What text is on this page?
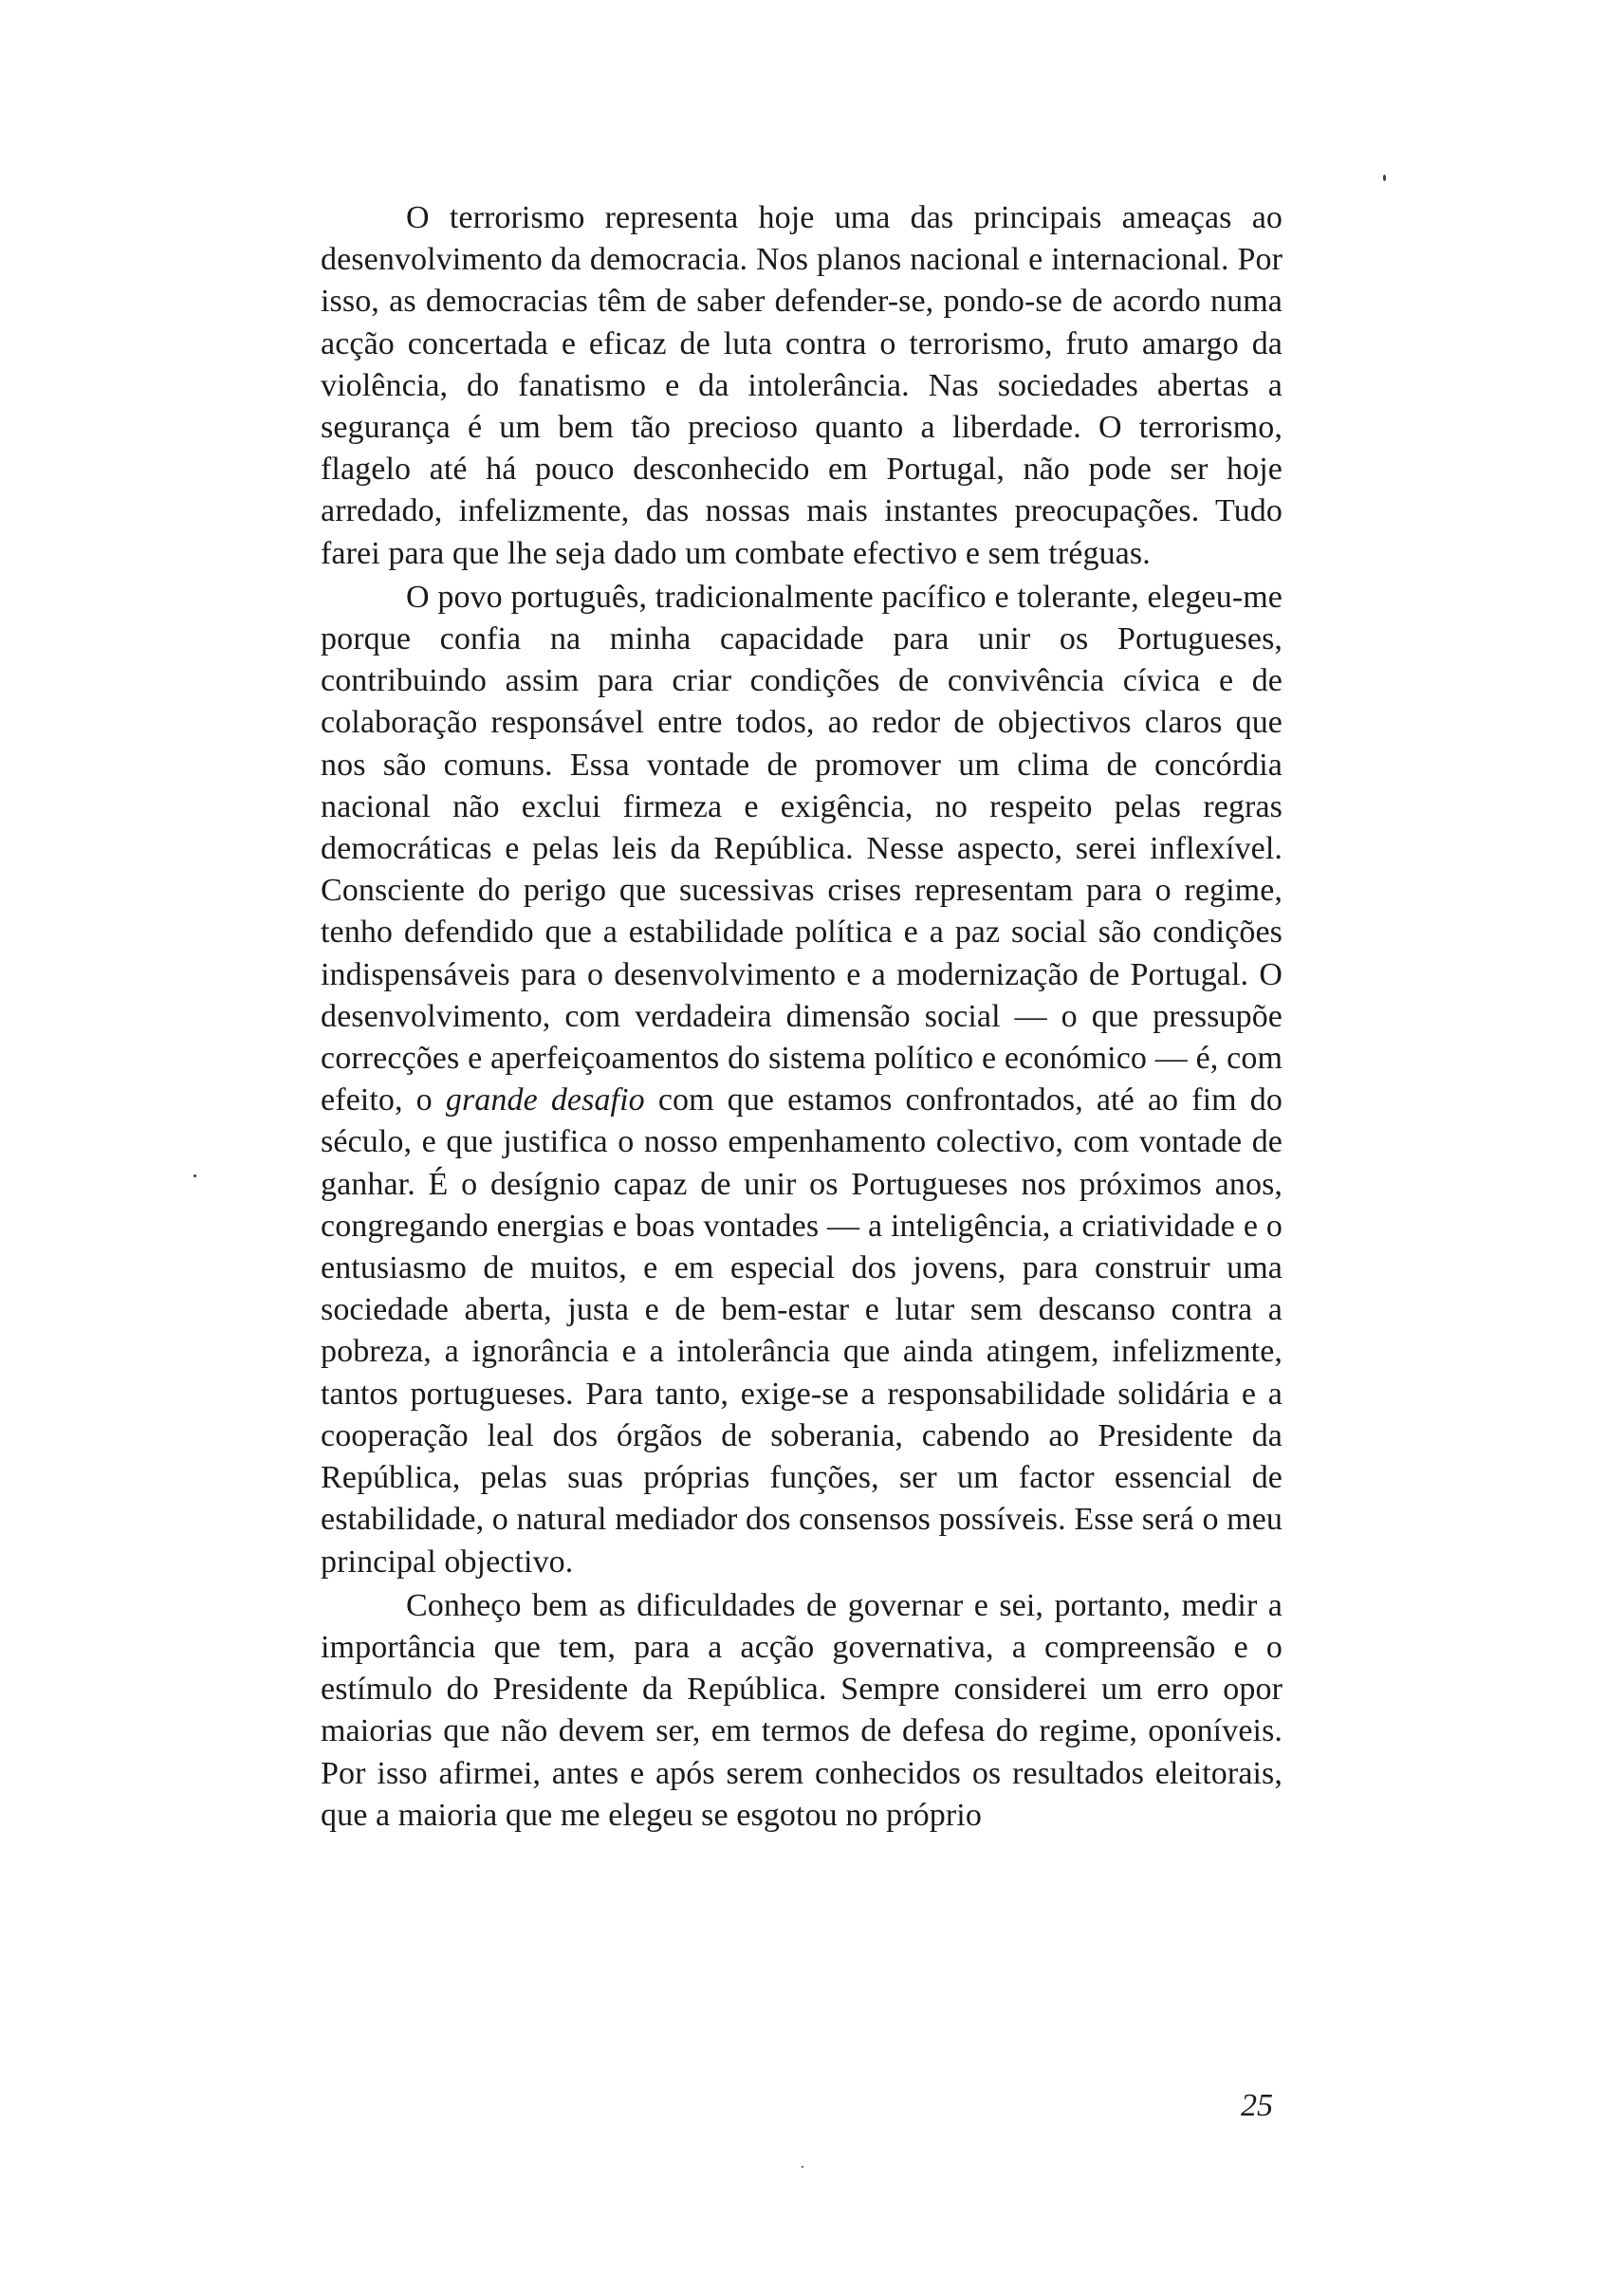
O terrorismo representa hoje uma das principais ameaças ao desenvolvimento da democracia. Nos planos nacional e internacional. Por isso, as democracias têm de saber defender-se, pondo-se de acordo numa acção concertada e eficaz de luta contra o terrorismo, fruto amargo da violência, do fanatismo e da intolerância. Nas sociedades abertas a segurança é um bem tão precioso quanto a liberdade. O terrorismo, flagelo até há pouco desconhecido em Portugal, não pode ser hoje arredado, infelizmente, das nossas mais instantes preocupações. Tudo farei para que lhe seja dado um combate efectivo e sem tréguas.

O povo português, tradicionalmente pacífico e tolerante, elegeu-me porque confia na minha capacidade para unir os Portugueses, contribuindo assim para criar condições de convivência cívica e de colaboração responsável entre todos, ao redor de objectivos claros que nos são comuns. Essa vontade de promover um clima de concórdia nacional não exclui firmeza e exigência, no respeito pelas regras democráticas e pelas leis da República. Nesse aspecto, serei inflexível. Consciente do perigo que sucessivas crises representam para o regime, tenho defendido que a estabilidade política e a paz social são condições indispensáveis para o desenvolvimento e a modernização de Portugal. O desenvolvimento, com verdadeira dimensão social — o que pressupõe correcções e aperfeiçoamentos do sistema político e económico — é, com efeito, o grande desafio com que estamos confrontados, até ao fim do século, e que justifica o nosso empenhamento colectivo, com vontade de ganhar. É o desígnio capaz de unir os Portugueses nos próximos anos, congregando energias e boas vontades — a inteligência, a criatividade e o entusiasmo de muitos, e em especial dos jovens, para construir uma sociedade aberta, justa e de bem-estar e lutar sem descanso contra a pobreza, a ignorância e a intolerância que ainda atingem, infelizmente, tantos portugueses. Para tanto, exige-se a responsabilidade solidária e a cooperação leal dos órgãos de soberania, cabendo ao Presidente da República, pelas suas próprias funções, ser um factor essencial de estabilidade, o natural mediador dos consensos possíveis. Esse será o meu principal objectivo.

Conheço bem as dificuldades de governar e sei, portanto, medir a importância que tem, para a acção governativa, a compreensão e o estímulo do Presidente da República. Sempre considerei um erro opor maiorias que não devem ser, em termos de defesa do regime, oponíveis. Por isso afirmei, antes e após serem conhecidos os resultados eleitorais, que a maioria que me elegeu se esgotou no próprio

25
